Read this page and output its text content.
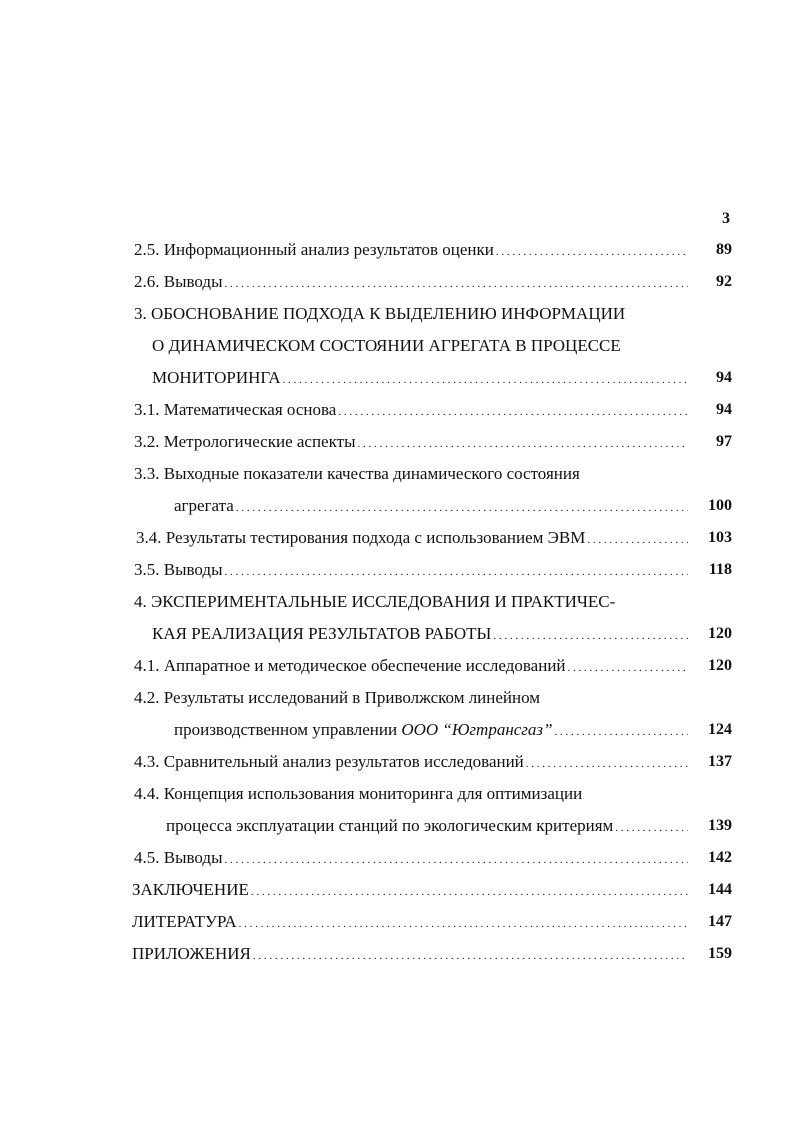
3
2.5. Информационный анализ результатов оценки . . .	89
2.6. Выводы . . .	92
3. ОБОСНОВАНИЕ ПОДХОДА К ВЫДЕЛЕНИЮ ИНФОРМАЦИИ
О ДИНАМИЧЕСКОМ СОСТОЯНИИ АГРЕГАТА В ПРОЦЕССЕ
МОНИТОРИНГА . . .	94
3.1. Математическая основа . . .	94
3.2. Метрологические аспекты . . .	97
3.3. Выходные показатели качества динамического состояния
агрегата . . .	100
3.4. Результаты тестирования подхода с использованием ЭВМ . . .	103
3.5. Выводы . . .	118
4. ЭКСПЕРИМЕНТАЛЬНЫЕ ИССЛЕДОВАНИЯ И ПРАКТИЧЕС-
КАЯ РЕАЛИЗАЦИЯ РЕЗУЛЬТАТОВ РАБОТЫ . . .	120
4.1. Аппаратное и методическое обеспечение исследований . . .	120
4.2. Результаты исследований в Приволжском линейном
производственном управлении ООО “Югтрансгаз” . . .	124
4.3. Сравнительный анализ результатов исследований . . .	137
4.4. Концепция использования мониторинга для оптимизации
процесса эксплуатации станций по экологическим критериям . . .	139
4.5. Выводы . . .	142
ЗАКЛЮЧЕНИЕ . . .	144
ЛИТЕРАТУРА . . .	147
ПРИЛОЖЕНИЯ . . .	159
